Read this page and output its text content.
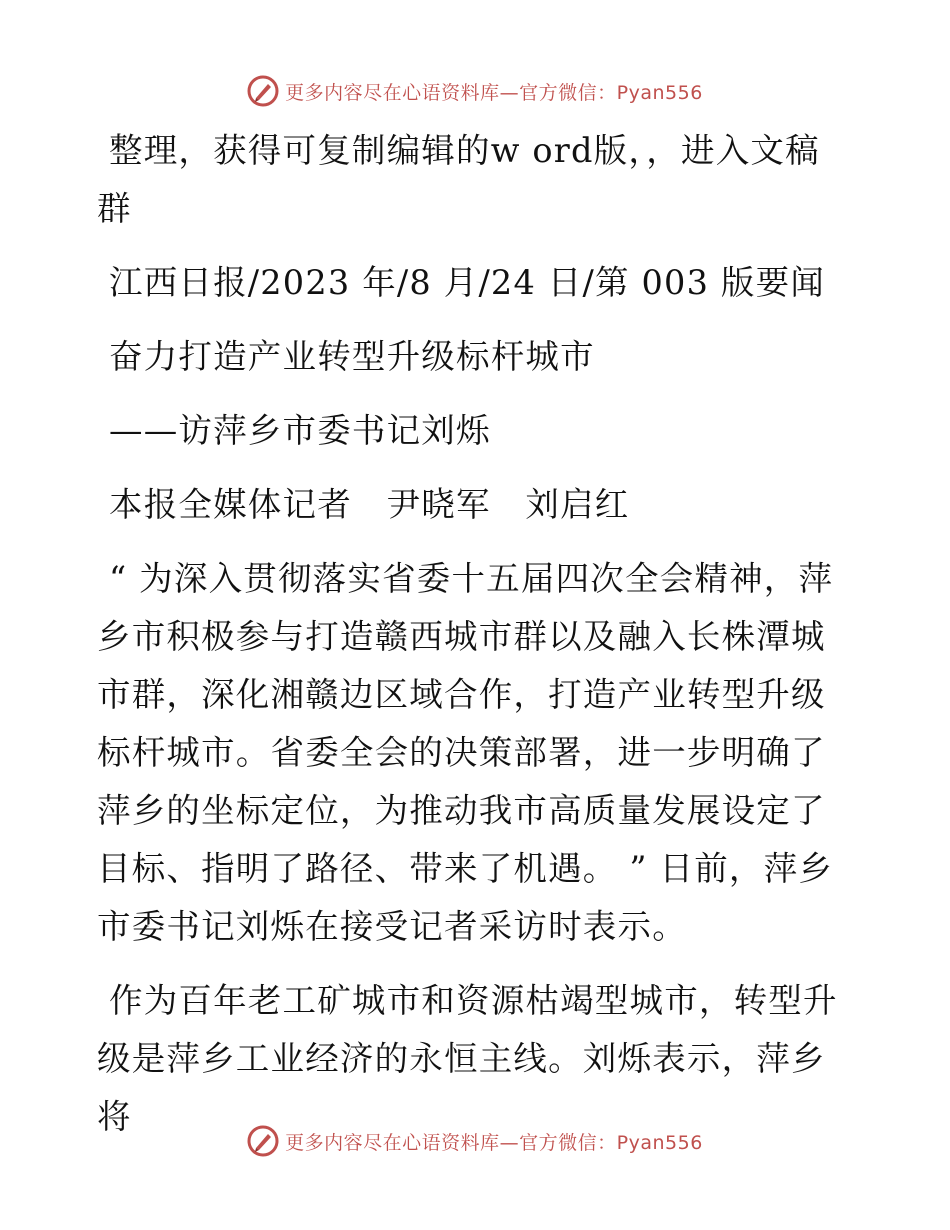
更多内容尽在心语资料库—官方微信：Pyan556

整理，获得可复制编辑的w ord版，，进入文稿群

江西日报/2023 年/8 月/24 日/第 003 版要闻

奋力打造产业转型升级标杆城市

——访萍乡市委书记刘烁

本报全媒体记者　尹晓军　刘启红

“ 为深入贯彻落实省委十五届四次全会精神，萍乡市积极参与打造赣西城市群以及融入长株潭城市群，深化湘赣边区域合作，打造产业转型升级标杆城市。省委全会的决策部署，进一步明确了萍乡的坐标定位，为推动我市高质量发展设定了目标、指明了路径、带来了机遇。 ” 日前，萍乡市委书记刘烁在接受记者采访时表示。

作为百年老工矿城市和资源枯竭型城市，转型升级是萍乡工业经济的永恒主线。刘烁表示，萍乡将

更多内容尽在心语资料库—官方微信：Pyan556
